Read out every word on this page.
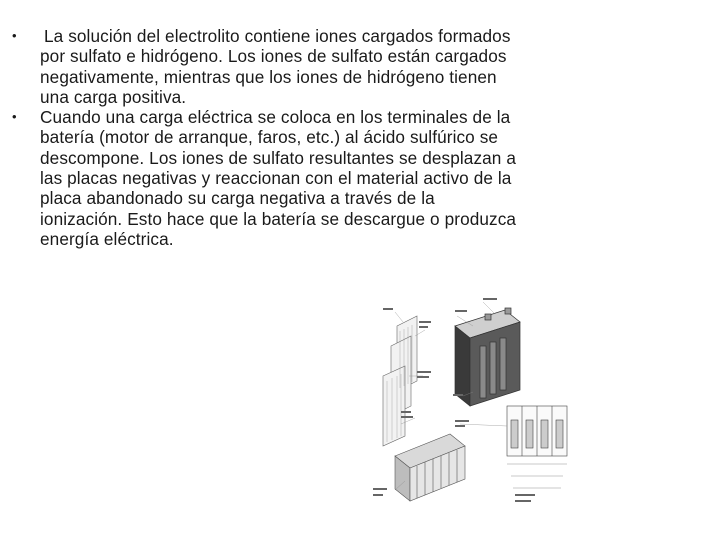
• La solución del electrolito contiene iones cargados formados por sulfato e hidrógeno. Los iones de sulfato están cargados negativamente, mientras que los iones de hidrógeno tienen una carga positiva.
• Cuando una carga eléctrica se coloca en los terminales de la batería (motor de arranque, faros, etc.) al ácido sulfúrico se descompone. Los iones de sulfato resultantes se desplazan a las placas negativas y reaccionan con el material activo de la placa abandonado su carga negativa a través de la ionización. Esto hace que la batería se descargue o produzca energía eléctrica.
